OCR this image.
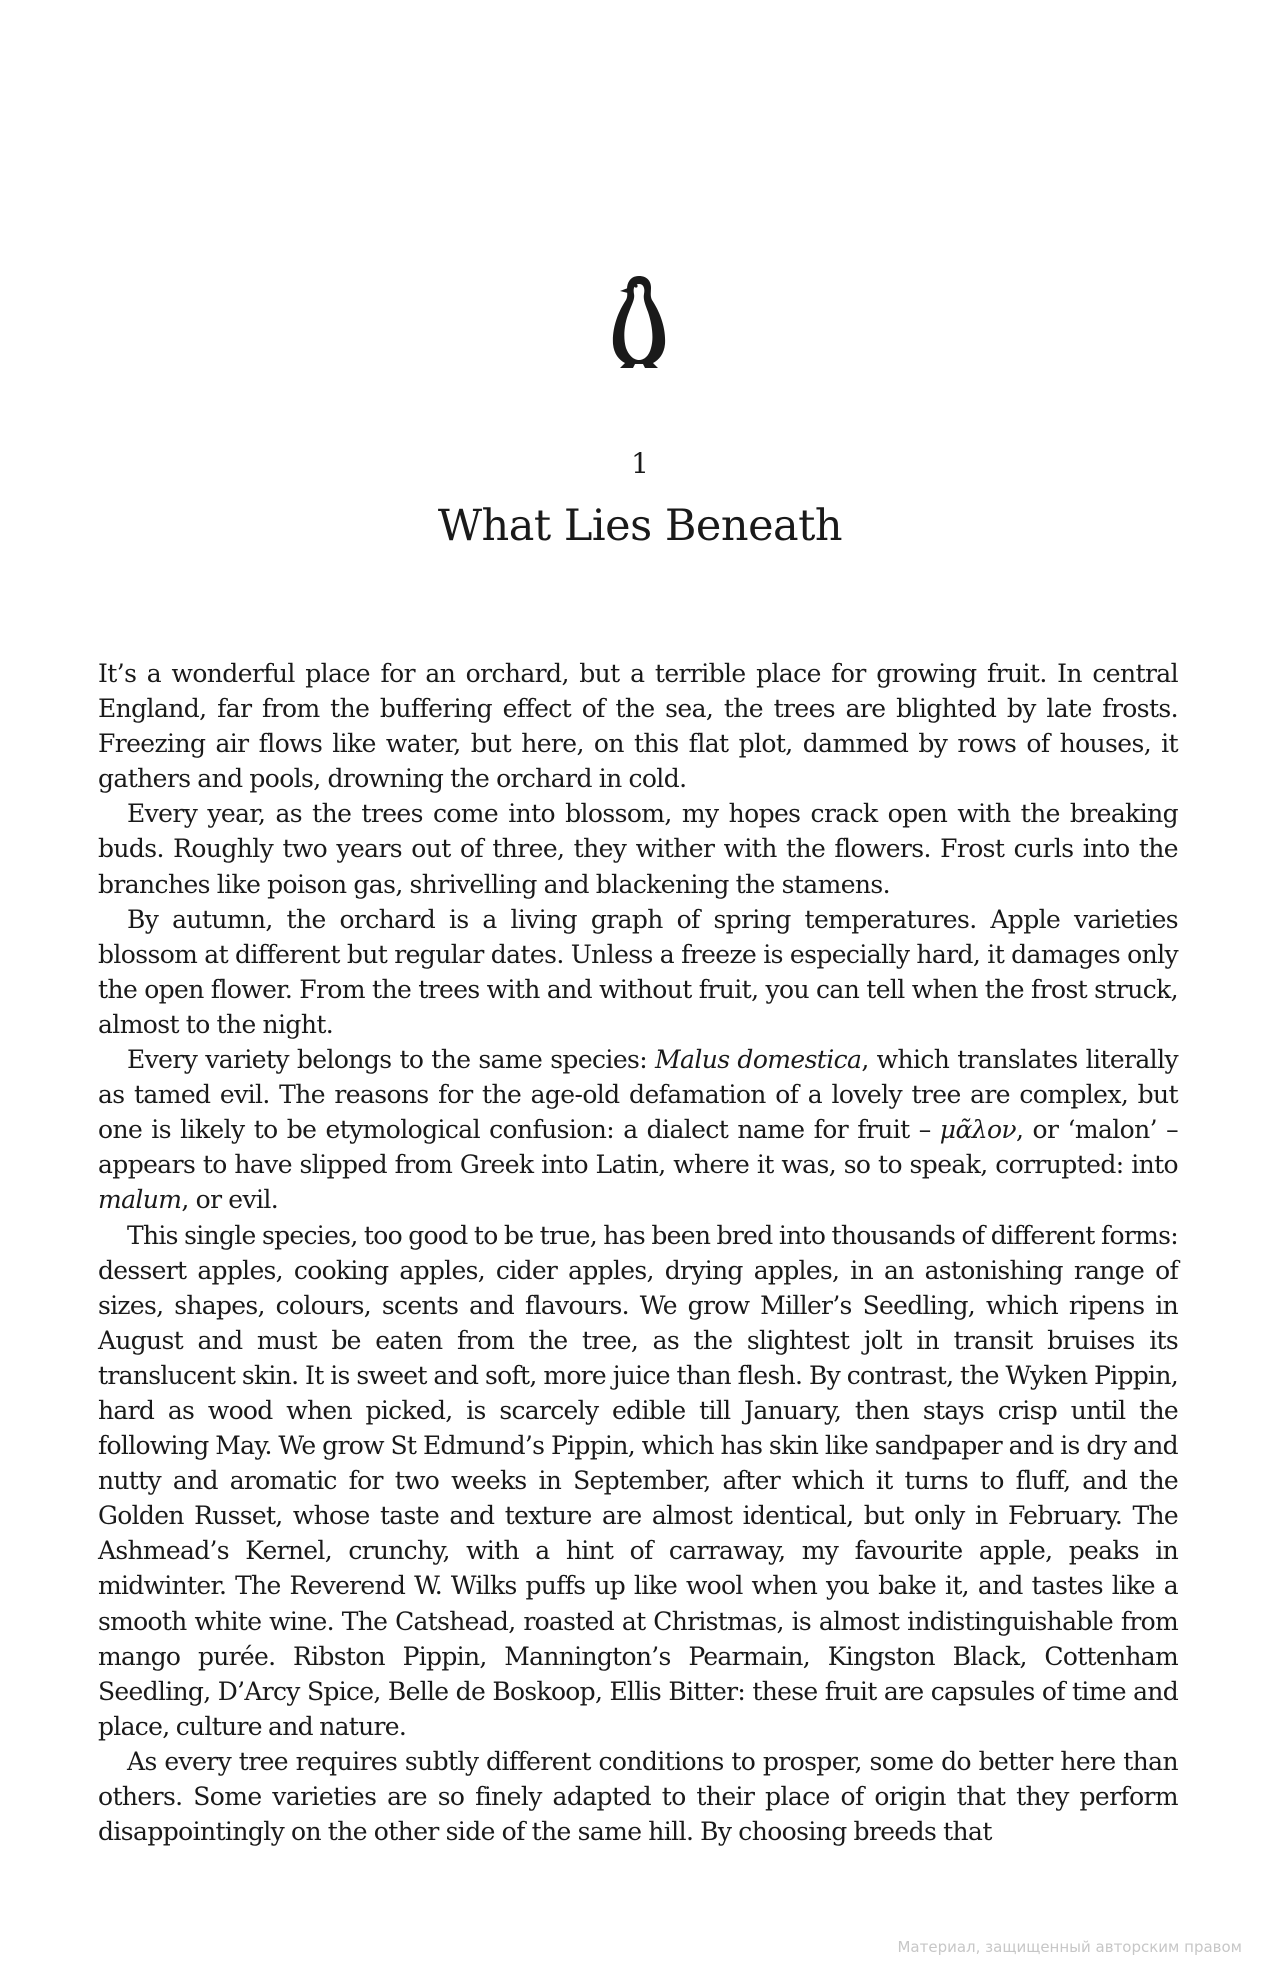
1
What Lies Beneath

It’s a wonderful place for an orchard, but a terrible place for growing fruit. In central England, far from the buffering effect of the sea, the trees are blighted by late frosts. Freezing air flows like water, but here, on this flat plot, dammed by rows of houses, it gathers and pools, drowning the orchard in cold.

Every year, as the trees come into blossom, my hopes crack open with the breaking buds. Roughly two years out of three, they wither with the flowers. Frost curls into the branches like poison gas, shrivelling and blackening the stamens.

By autumn, the orchard is a living graph of spring temperatures. Apple varieties blossom at different but regular dates. Unless a freeze is especially hard, it damages only the open flower. From the trees with and without fruit, you can tell when the frost struck, almost to the night.

Every variety belongs to the same species: Malus domestica, which translates literally as tamed evil. The reasons for the age-old defamation of a lovely tree are complex, but one is likely to be etymological confusion: a dialect name for fruit – μᾶλον, or ‘malon’ – appears to have slipped from Greek into Latin, where it was, so to speak, corrupted: into malum, or evil.

This single species, too good to be true, has been bred into thousands of different forms: dessert apples, cooking apples, cider apples, drying apples, in an astonishing range of sizes, shapes, colours, scents and flavours. We grow Miller’s Seedling, which ripens in August and must be eaten from the tree, as the slightest jolt in transit bruises its translucent skin. It is sweet and soft, more juice than flesh. By contrast, the Wyken Pippin, hard as wood when picked, is scarcely edible till January, then stays crisp until the following May. We grow St Edmund’s Pippin, which has skin like sandpaper and is dry and nutty and aromatic for two weeks in September, after which it turns to fluff, and the Golden Russet, whose taste and texture are almost identical, but only in February. The Ashmead’s Kernel, crunchy, with a hint of carraway, my favourite apple, peaks in midwinter. The Reverend W. Wilks puffs up like wool when you bake it, and tastes like a smooth white wine. The Catshead, roasted at Christmas, is almost indistinguishable from mango purée. Ribston Pippin, Mannington’s Pearmain, Kingston Black, Cottenham Seedling, D’Arcy Spice, Belle de Boskoop, Ellis Bitter: these fruit are capsules of time and place, culture and nature.

As every tree requires subtly different conditions to prosper, some do better here than others. Some varieties are so finely adapted to their place of origin that they perform disappointingly on the other side of the same hill. By choosing breeds that

Материал, защищенный авторским правом
